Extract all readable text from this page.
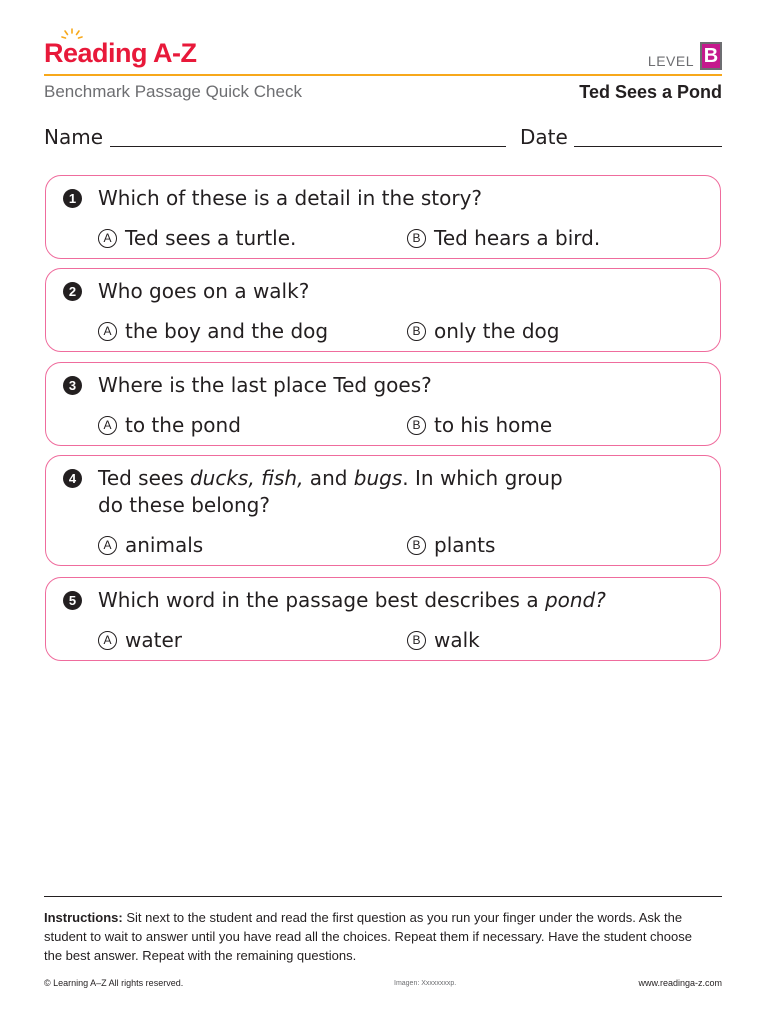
Reading A-Z	LEVEL B
Benchmark Passage Quick Check	Ted Sees a Pond
Name	Date
1 Which of these is a detail in the story?
A Ted sees a turtle.	B Ted hears a bird.
2 Who goes on a walk?
A the boy and the dog	B only the dog
3 Where is the last place Ted goes?
A to the pond	B to his home
4 Ted sees ducks, fish, and bugs. In which group
do these belong?
A animals	B plants
5 Which word in the passage best describes a pond?
A water	B walk
Instructions: Sit next to the student and read the first question as you run your finger under the words. Ask the student to wait to answer until you have read all the choices. Repeat them if necessary. Have the student choose the best answer. Repeat with the remaining questions.
© Learning A–Z All rights reserved.	Imagen: Xxxxxxxxp.	www.readinga-z.com
